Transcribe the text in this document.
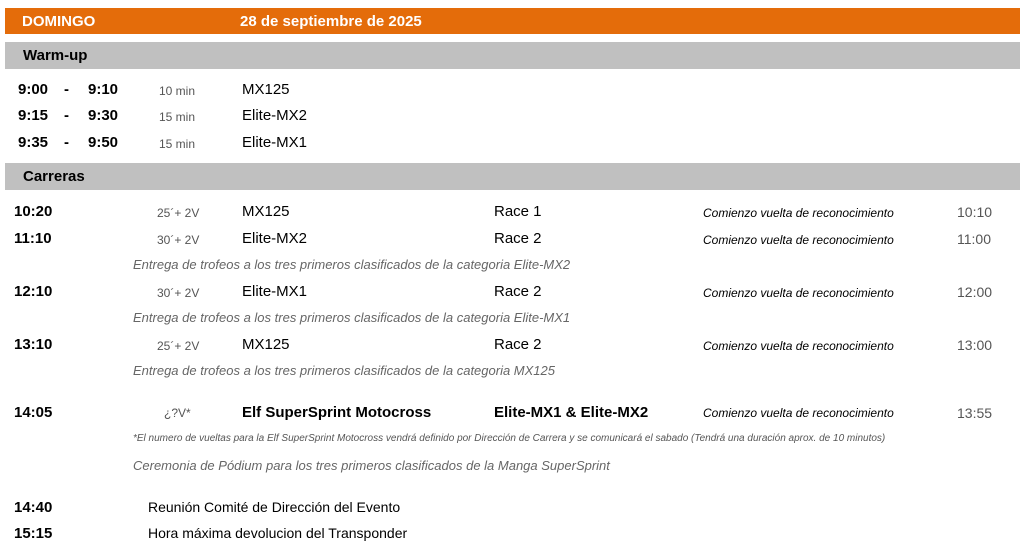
DOMINGO	28 de septiembre de 2025
Warm-up
9:00 - 9:10	10 min	MX125
9:15 - 9:30	15 min	Elite-MX2
9:35 - 9:50	15 min	Elite-MX1
Carreras
10:20	25´+ 2V	MX125	Race 1	Comienzo vuelta de reconocimiento	10:10
11:10	30´+ 2V	Elite-MX2	Race 2	Comienzo vuelta de reconocimiento	11:00
Entrega de trofeos a los tres primeros clasificados de la categoria Elite-MX2
12:10	30´+ 2V	Elite-MX1	Race 2	Comienzo vuelta de reconocimiento	12:00
Entrega de trofeos a los tres primeros clasificados de la categoria Elite-MX1
13:10	25´+ 2V	MX125	Race 2	Comienzo vuelta de reconocimiento	13:00
Entrega de trofeos a los tres primeros clasificados de la categoria MX125
14:05	¿?V*	Elf SuperSprint Motocross	Elite-MX1 & Elite-MX2	Comienzo vuelta de reconocimiento	13:55
*El numero de vueltas para la Elf SuperSprint Motocross vendrá definido por Dirección de Carrera y se comunicará el sabado (Tendrá una duración aprox. de 10 minutos)
Ceremonia de Pódium para los tres primeros clasificados de la Manga SuperSprint
14:40	Reunión Comité de Dirección del Evento
15:15	Hora máxima devolucion del Transponder
